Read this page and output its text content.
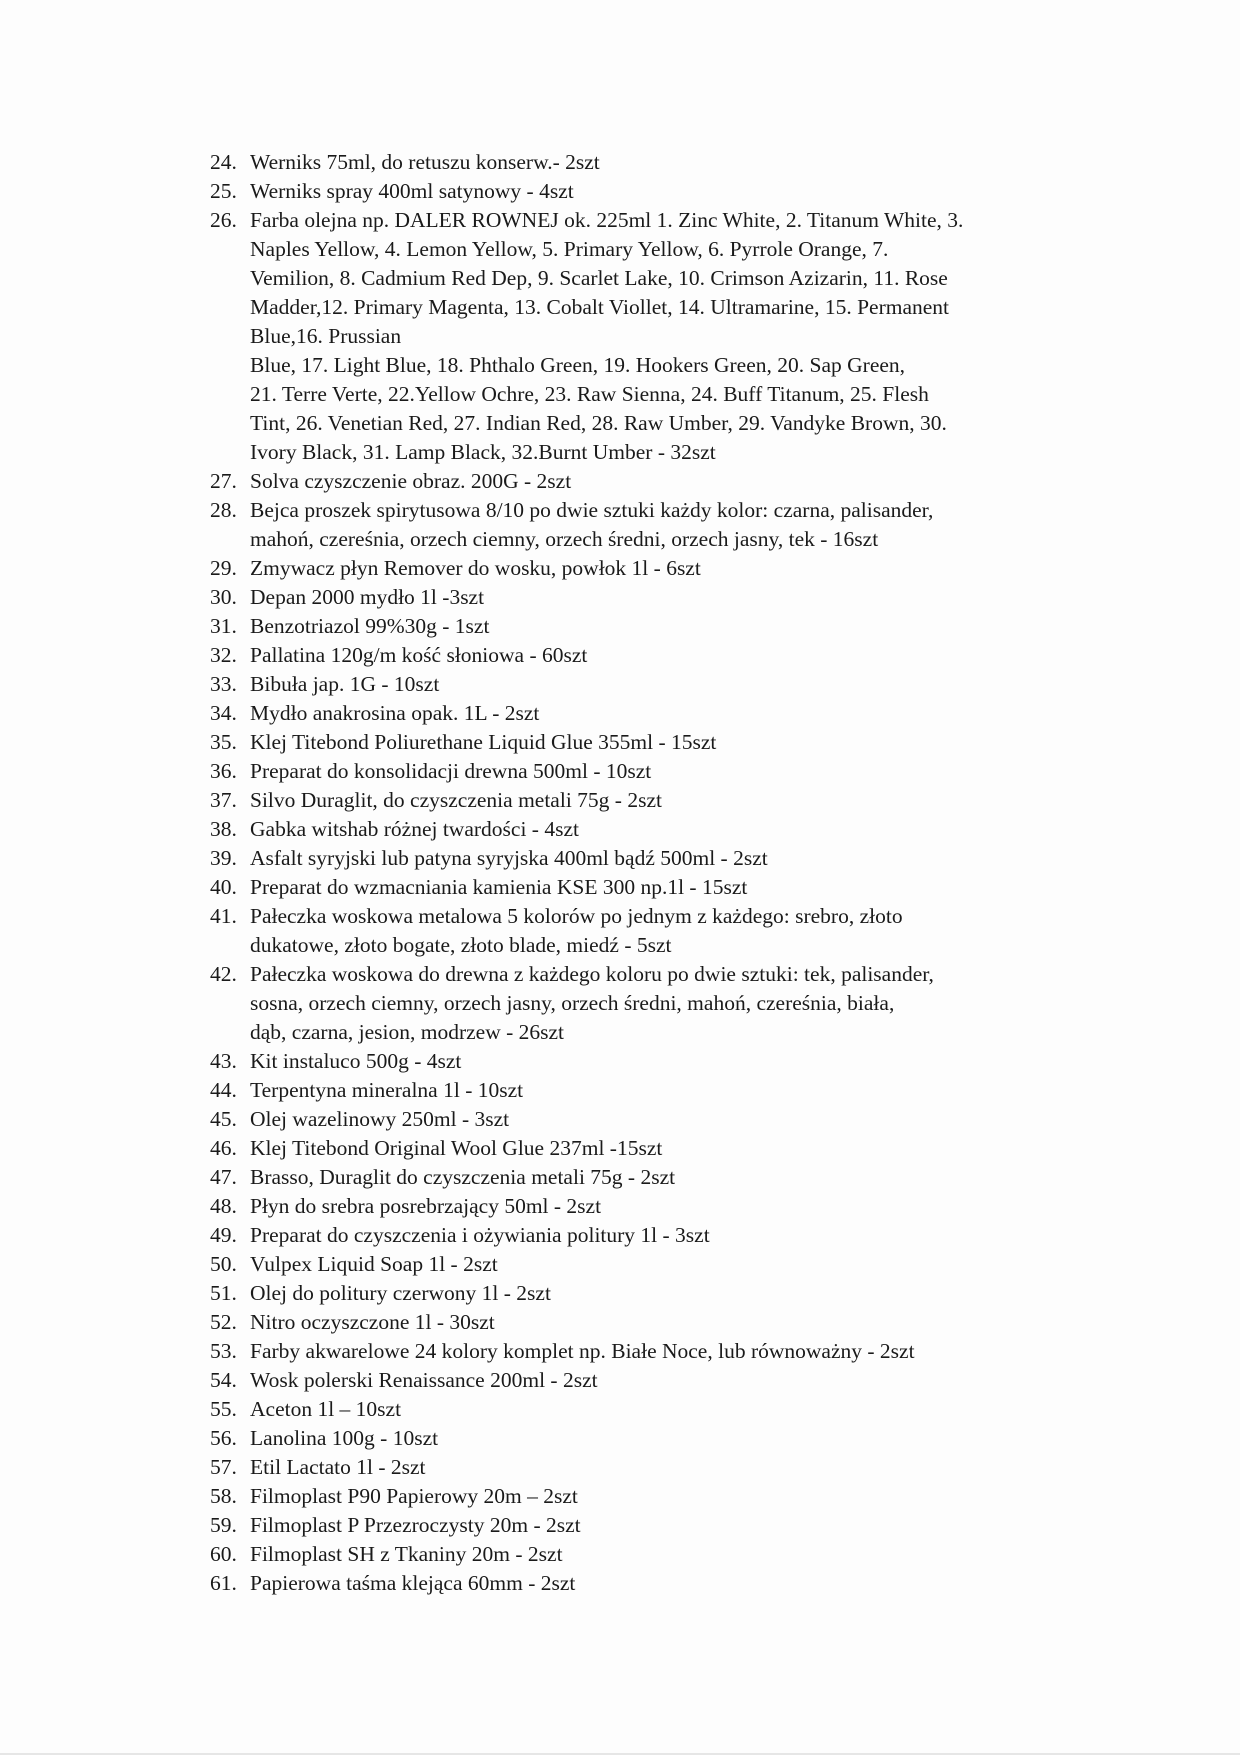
24. Werniks 75ml, do retuszu konserw.- 2szt
25. Werniks spray 400ml satynowy - 4szt
26. Farba olejna np. DALER ROWNEJ ok. 225ml 1. Zinc White, 2. Titanum White, 3.
Naples Yellow, 4. Lemon Yellow, 5. Primary Yellow, 6. Pyrrole Orange, 7.
Vemilion, 8. Cadmium Red Dep, 9. Scarlet Lake, 10. Crimson Azizarin, 11. Rose
Madder,12. Primary Magenta, 13. Cobalt Viollet, 14. Ultramarine, 15. Permanent
Blue,16. Prussian
Blue, 17. Light Blue, 18. Phthalo Green, 19. Hookers Green, 20. Sap Green,
21. Terre Verte, 22.Yellow Ochre, 23. Raw Sienna, 24. Buff Titanum, 25. Flesh
Tint, 26. Venetian Red, 27. Indian Red, 28. Raw Umber, 29. Vandyke Brown, 30.
Ivory Black, 31. Lamp Black, 32.Burnt Umber - 32szt
27. Solva czyszczenie obraz. 200G - 2szt
28. Bejca proszek spirytusowa 8/10 po dwie sztuki każdy kolor: czarna, palisander,
mahoń, czereśnia, orzech ciemny, orzech średni, orzech jasny, tek - 16szt
29. Zmywacz płyn Remover do wosku, powłok 1l - 6szt
30. Depan 2000 mydło 1l -3szt
31. Benzotriazol 99%30g - 1szt
32. Pallatina 120g/m kość słoniowa - 60szt
33. Bibuła jap. 1G - 10szt
34. Mydło anakrosina opak. 1L - 2szt
35. Klej Titebond Poliurethane Liquid Glue 355ml - 15szt
36. Preparat do konsolidacji drewna 500ml - 10szt
37. Silvo Duraglit, do czyszczenia metali 75g - 2szt
38. Gabka witshab różnej twardości - 4szt
39. Asfalt syryjski lub patyna syryjska 400ml bądź 500ml - 2szt
40. Preparat do wzmacniania kamienia KSE 300 np.1l - 15szt
41. Pałeczka woskowa metalowa 5 kolorów po jednym z każdego: srebro, złoto
dukatowe, złoto bogate, złoto blade, miedź - 5szt
42. Pałeczka woskowa do drewna z każdego koloru po dwie sztuki: tek, palisander,
sosna, orzech ciemny, orzech jasny, orzech średni, mahoń, czereśnia, biała,
dąb, czarna, jesion, modrzew - 26szt
43. Kit instaluco 500g - 4szt
44. Terpentyna mineralna 1l - 10szt
45. Olej wazelinowy 250ml - 3szt
46. Klej Titebond Original Wool Glue 237ml -15szt
47. Brasso, Duraglit do czyszczenia metali 75g - 2szt
48. Płyn do srebra posrebrzający 50ml - 2szt
49. Preparat do czyszczenia i ożywiania politury 1l - 3szt
50. Vulpex Liquid Soap 1l - 2szt
51. Olej do politury czerwony 1l - 2szt
52. Nitro oczyszczone 1l - 30szt
53. Farby akwarelowe 24 kolory komplet np. Białe Noce, lub równoważny - 2szt
54. Wosk polerski Renaissance 200ml - 2szt
55. Aceton 1l – 10szt
56. Lanolina 100g - 10szt
57. Etil Lactato 1l - 2szt
58. Filmoplast P90 Papierowy 20m – 2szt
59. Filmoplast P Przezroczysty 20m - 2szt
60. Filmoplast SH z Tkaniny 20m - 2szt
61. Papierowa taśma klejąca 60mm - 2szt
